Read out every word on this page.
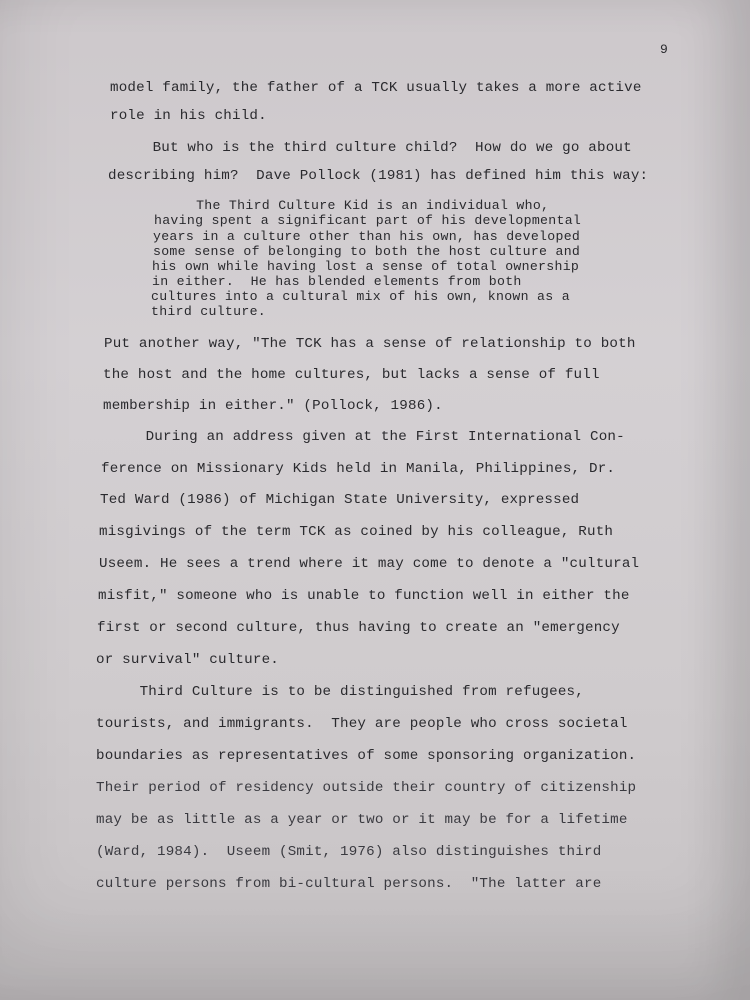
9
model family, the father of a TCK usually takes a more active
role in his child.
But who is the third culture child?  How do we go about
describing him?  Dave Pollock (1981) has defined him this way:
The Third Culture Kid is an individual who,
having spent a significant part of his developmental
years in a culture other than his own, has developed
some sense of belonging to both the host culture and
his own while having lost a sense of total ownership
in either.  He has blended elements from both
cultures into a cultural mix of his own, known as a
third culture.
Put another way, "The TCK has a sense of relationship to both
the host and the home cultures, but lacks a sense of full
membership in either." (Pollock, 1986).
During an address given at the First International Con-
ference on Missionary Kids held in Manila, Philippines, Dr.
Ted Ward (1986) of Michigan State University, expressed
misgivings of the term TCK as coined by his colleague, Ruth
Useem. He sees a trend where it may come to denote a "cultural
misfit," someone who is unable to function well in either the
first or second culture, thus having to create an "emergency
or survival" culture.
Third Culture is to be distinguished from refugees,
tourists, and immigrants.  They are people who cross societal
boundaries as representatives of some sponsoring organization.
Their period of residency outside their country of citizenship
may be as little as a year or two or it may be for a lifetime
(Ward, 1984).  Useem (Smit, 1976) also distinguishes third
culture persons from bi-cultural persons.  "The latter are
